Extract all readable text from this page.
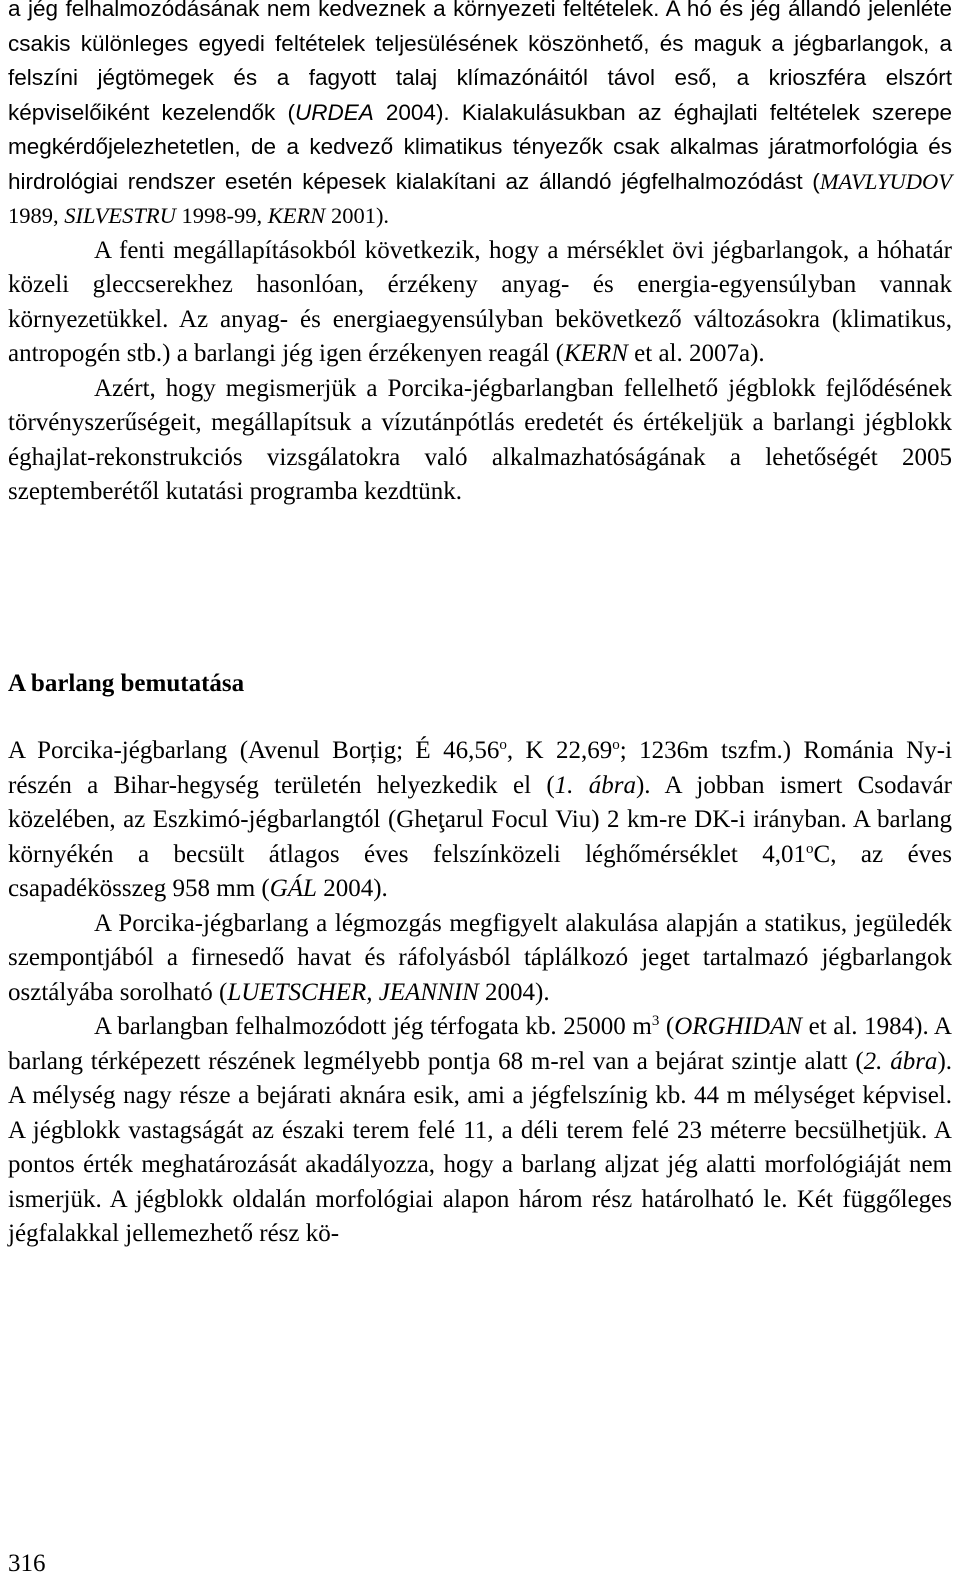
a jég felhalmozódásának nem kedveznek a környezeti feltételek. A hó és jég állandó jelenléte csakis különleges egyedi feltételek teljesülésének köszönhető, és maguk a jégbarlangok, a felszíni jégtömegek és a fagyott talaj klímazónáitól távol eső, a krioszféra elszórt képviselőiként kezelendők (URDEA 2004). Kialakulásukban az éghajlati feltételek szerepe megkérdőjelezhetetlen, de a kedvező klimatikus tényezők csak alkalmas járatmorfológia és hirdrológiai rendszer esetén képesek kialakítani az állandó jégfelhalmozódást (MAVLYUDOV 1989, SILVESTRU 1998-99, KERN 2001).

A fenti megállapításokból következik, hogy a mérséklet övi jégbarlangok, a hóhatár közeli gleccserekhez hasonlóan, érzékeny anyag- és energia-egyensúlyban vannak környezetükkel. Az anyag- és energiaegyensúlyban bekövetkező változásokra (klimatikus, antropogén stb.) a barlangi jég igen érzékenyen reagál (KERN et al. 2007a).

Azért, hogy megismerjük a Porcika-jégbarlangban fellelhető jégblokk fejlődésének törvényszerűségeit, megállapítsuk a vízutánpótlás eredetét és értékeljük a barlangi jégblokk éghajlat-rekonstrukciós vizsgálatokra való alkalmazhatóságának a lehetőségét 2005 szeptemberétől kutatási programba kezdtünk.

A barlang bemutatása

A Porcika-jégbarlang (Avenul Borțig; É 46,56$^o$, K 22,69$^o$; 1236m tszfm.) Románia Ny-i részén a Bihar-hegység területén helyezkedik el (1. ábra). A jobban ismert Csodavár közelében, az Eszkimó-jégbarlangtól (Gheţarul Focul Viu) 2 km-re DK-i irányban. A barlang környékén a becsült átlagos éves felszínközeli léghőmérséklet 4,01$^o$C, az éves csapadékösszeg 958 mm (GÁL 2004).

A Porcika-jégbarlang a légmozgás megfigyelt alakulása alapján a statikus, jegüledék szempontjából a firnesedő havat és ráfolyásból táplálkozó jeget tartalmazó jégbarlangok osztályába sorolható (LUETSCHER, JEANNIN 2004).

A barlangban felhalmozódott jég térfogata kb. 25000 $m^3$ (ORGHIDAN et al. 1984). A barlang térképezett részének legmélyebb pontja 68 m-rel van a bejárat szintje alatt (2. ábra). A mélység nagy része a bejárati aknára esik, ami a jégfelszínig kb. 44 m mélységet képvisel. A jégblokk vastagságát az északi terem felé 11, a déli terem felé 23 méterre becsülhetjük. A pontos érték meghatározását akadályozza, hogy a barlang aljzat jég alatti morfológiáját nem ismerjük. A jégblokk oldalán morfológiai alapon három rész határolható le. Két függőleges jégfalakkal jellemezhető rész kö-

316
